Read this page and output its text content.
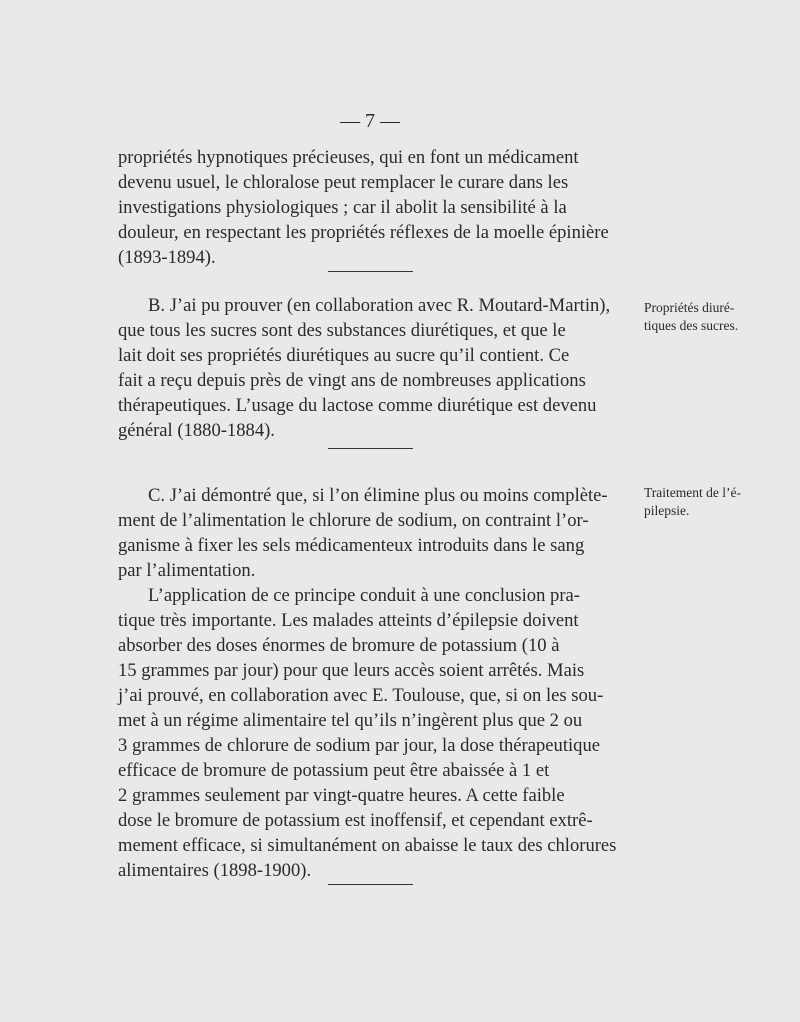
— 7 —

propriétés hypnotiques précieuses, qui en font un médicament

devenu usuel, le chloralose peut remplacer le curare dans les

investigations physiologiques ; car il abolit la sensibilité à la

douleur, en respectant les propriétés réflexes de la moelle épinière

(1893-1894).

B. J’ai pu prouver (en collaboration avec R. Moutard-Martin),

que tous les sucres sont des substances diurétiques, et que le

lait doit ses propriétés diurétiques au sucre qu’il contient. Ce

fait a reçu depuis près de vingt ans de nombreuses applications

thérapeutiques. L’usage du lactose comme diurétique est devenu

général (1880-1884).

Propriétés diuré-
tiques des sucres.

C. J’ai démontré que, si l’on élimine plus ou moins complète-

ment de l’alimentation le chlorure de sodium, on contraint l’or-

ganisme à fixer les sels médicamenteux introduits dans le sang

par l’alimentation.

L’application de ce principe conduit à une conclusion pra-

tique très importante. Les malades atteints d’épilepsie doivent

absorber des doses énormes de bromure de potassium (10 à

15 grammes par jour) pour que leurs accès soient arrêtés. Mais

j’ai prouvé, en collaboration avec E. Toulouse, que, si on les sou-

met à un régime alimentaire tel qu’ils n’ingèrent plus que 2 ou

3 grammes de chlorure de sodium par jour, la dose thérapeutique

efficace de bromure de potassium peut être abaissée à 1 et

2 grammes seulement par vingt-quatre heures. A cette faible

dose le bromure de potassium est inoffensif, et cependant extrê-

mement efficace, si simultanément on abaisse le taux des chlorures

alimentaires (1898-1900).

Traitement de l’é-
pilepsie.
